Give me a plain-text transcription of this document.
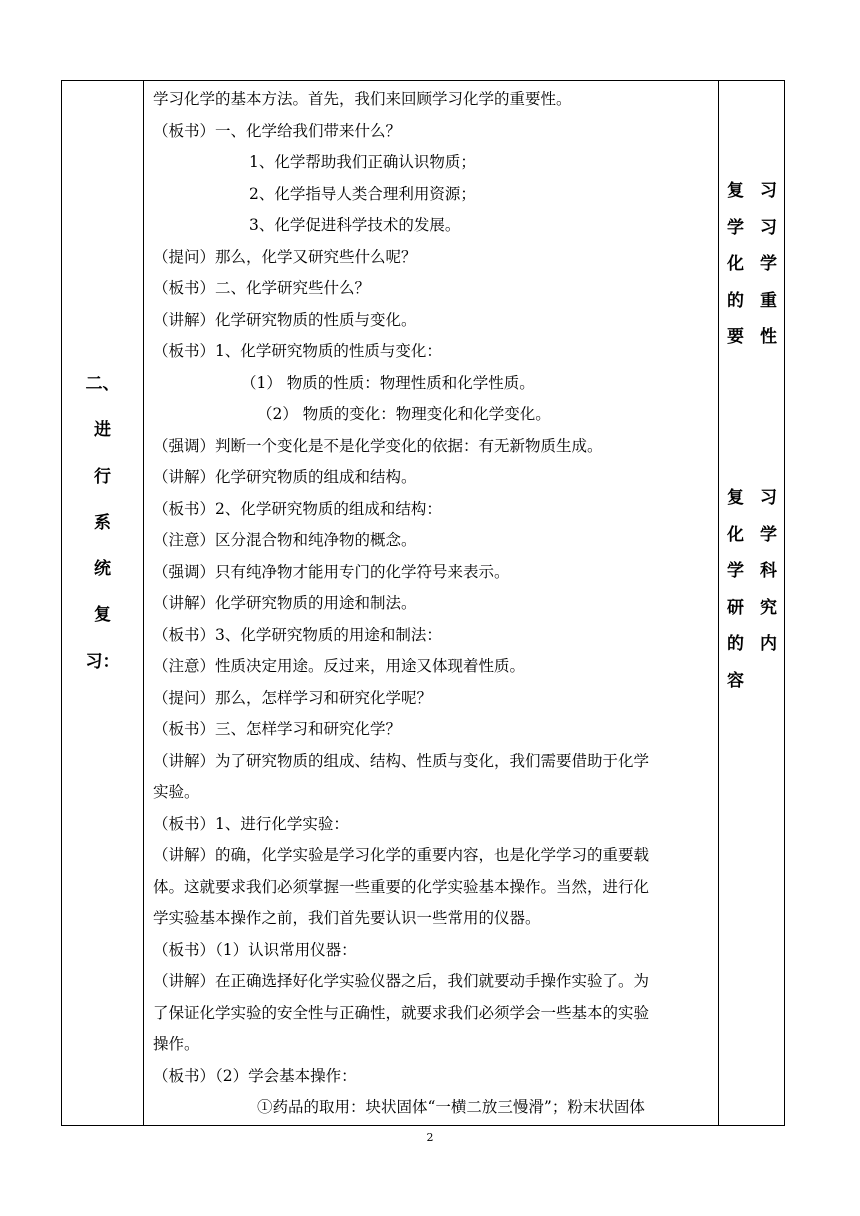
二、
进
行
系
统
复
习：
学习化学的基本方法。首先，我们来回顾学习化学的重要性。
（板书）一、化学给我们带来什么？
1、化学帮助我们正确认识物质；
2、化学指导人类合理利用资源；
3、化学促进科学技术的发展。
（提问）那么，化学又研究些什么呢？
（板书）二、化学研究些什么？
（讲解）化学研究物质的性质与变化。
（板书）1、化学研究物质的性质与变化：
（1） 物质的性质：物理性质和化学性质。
（2） 物质的变化：物理变化和化学变化。
（强调）判断一个变化是不是化学变化的依据：有无新物质生成。
（讲解）化学研究物质的组成和结构。
（板书）2、化学研究物质的组成和结构：
（注意）区分混合物和纯净物的概念。
（强调）只有纯净物才能用专门的化学符号来表示。
（讲解）化学研究物质的用途和制法。
（板书）3、化学研究物质的用途和制法：
（注意）性质决定用途。反过来，用途又体现着性质。
（提问）那么，怎样学习和研究化学呢？
（板书）三、怎样学习和研究化学？
（讲解）为了研究物质的组成、结构、性质与变化，我们需要借助于化学
实验。
（板书）1、进行化学实验：
（讲解）的确，化学实验是学习化学的重要内容，也是化学学习的重要载
体。这就要求我们必须掌握一些重要的化学实验基本操作。当然，进行化
学实验基本操作之前，我们首先要认识一些常用的仪器。
（板书）（1）认识常用仪器：
（讲解）在正确选择好化学实验仪器之后，我们就要动手操作实验了。为
了保证化学实验的安全性与正确性，就要求我们必须学会一些基本的实验
操作。
（板书）（2）学会基本操作：
①药品的取用：块状固体“一横二放三慢滑”；粉末状固体
复 习
学 习
化 学
的 重
要 性
复 习
化 学
学 科
研 究
的 内
容
2
